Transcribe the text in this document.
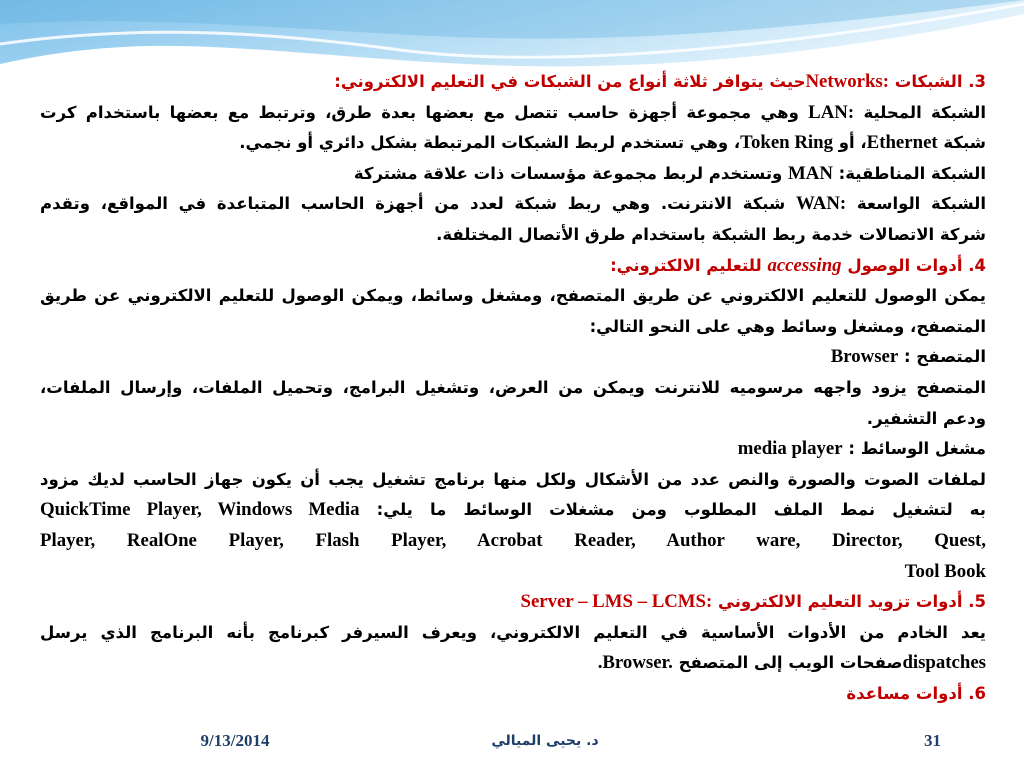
3. الشبكات Networks:حيث يتوافر ثلاثة أنواع من الشبكات في التعليم الالكتروني:
الشبكة المحلية LAN: وهي مجموعة أجهزة حاسب تتصل مع بعضها بعدة طرق، وترتبط مع بعضها باستخدام كرت
شبكة Ethernet، أو Token Ring، وهي تستخدم لربط الشبكات المرتبطة بشكل دائري أو نجمي.
الشبكة المناطقية: MAN وتستخدم لربط مجموعة مؤسسات ذات علاقة مشتركة
الشبكة الواسعة WAN: شبكة الانترنت. وهي ربط شبكة لعدد من أجهزة الحاسب المتباعدة في المواقع، وتقدم
شركة الاتصالات خدمة ربط الشبكة باستخدام طرق الأتصال المختلفة.
4. أدوات الوصول accessing للتعليم الالكتروني:
يمكن الوصول للتعليم الالكتروني عن طريق المتصفح، ومشغل وسائط، ويمكن الوصول للتعليم الالكتروني عن طريق
المتصفح، ومشغل وسائط وهي على النحو التالي:
المتصفح : Browser
المتصفح يزود واجهه مرسوميه للانترنت ويمكن من العرض، وتشغيل البرامج، وتحميل الملفات، وإرسال الملفات،
ودعم التشفير.
مشغل الوسائط : media player
لملفات الصوت والصورة والنص عدد من الأشكال ولكل منها برنامج تشغيل يجب أن يكون جهاز الحاسب لديك مزود
به لتشغيل نمط الملف المطلوب ومن مشغلات الوسائط ما يلي: QuickTime Player, Windows Media
Player, RealOne Player, Flash Player, Acrobat Reader, Author ware, Director, Quest,
Tool Book
5. أدوات تزويد التعليم الالكتروني Server – LMS – LCMS:
يعد الخادم من الأدوات الأساسية في التعليم الالكتروني، ويعرف السيرفر كبرنامج بأنه البرنامج الذي يرسل
dispatchesصفحات الويب إلى المتصفح .Browser.
6. أدوات مساعدة
9/13/2014	د. يحيى الميالي	31
